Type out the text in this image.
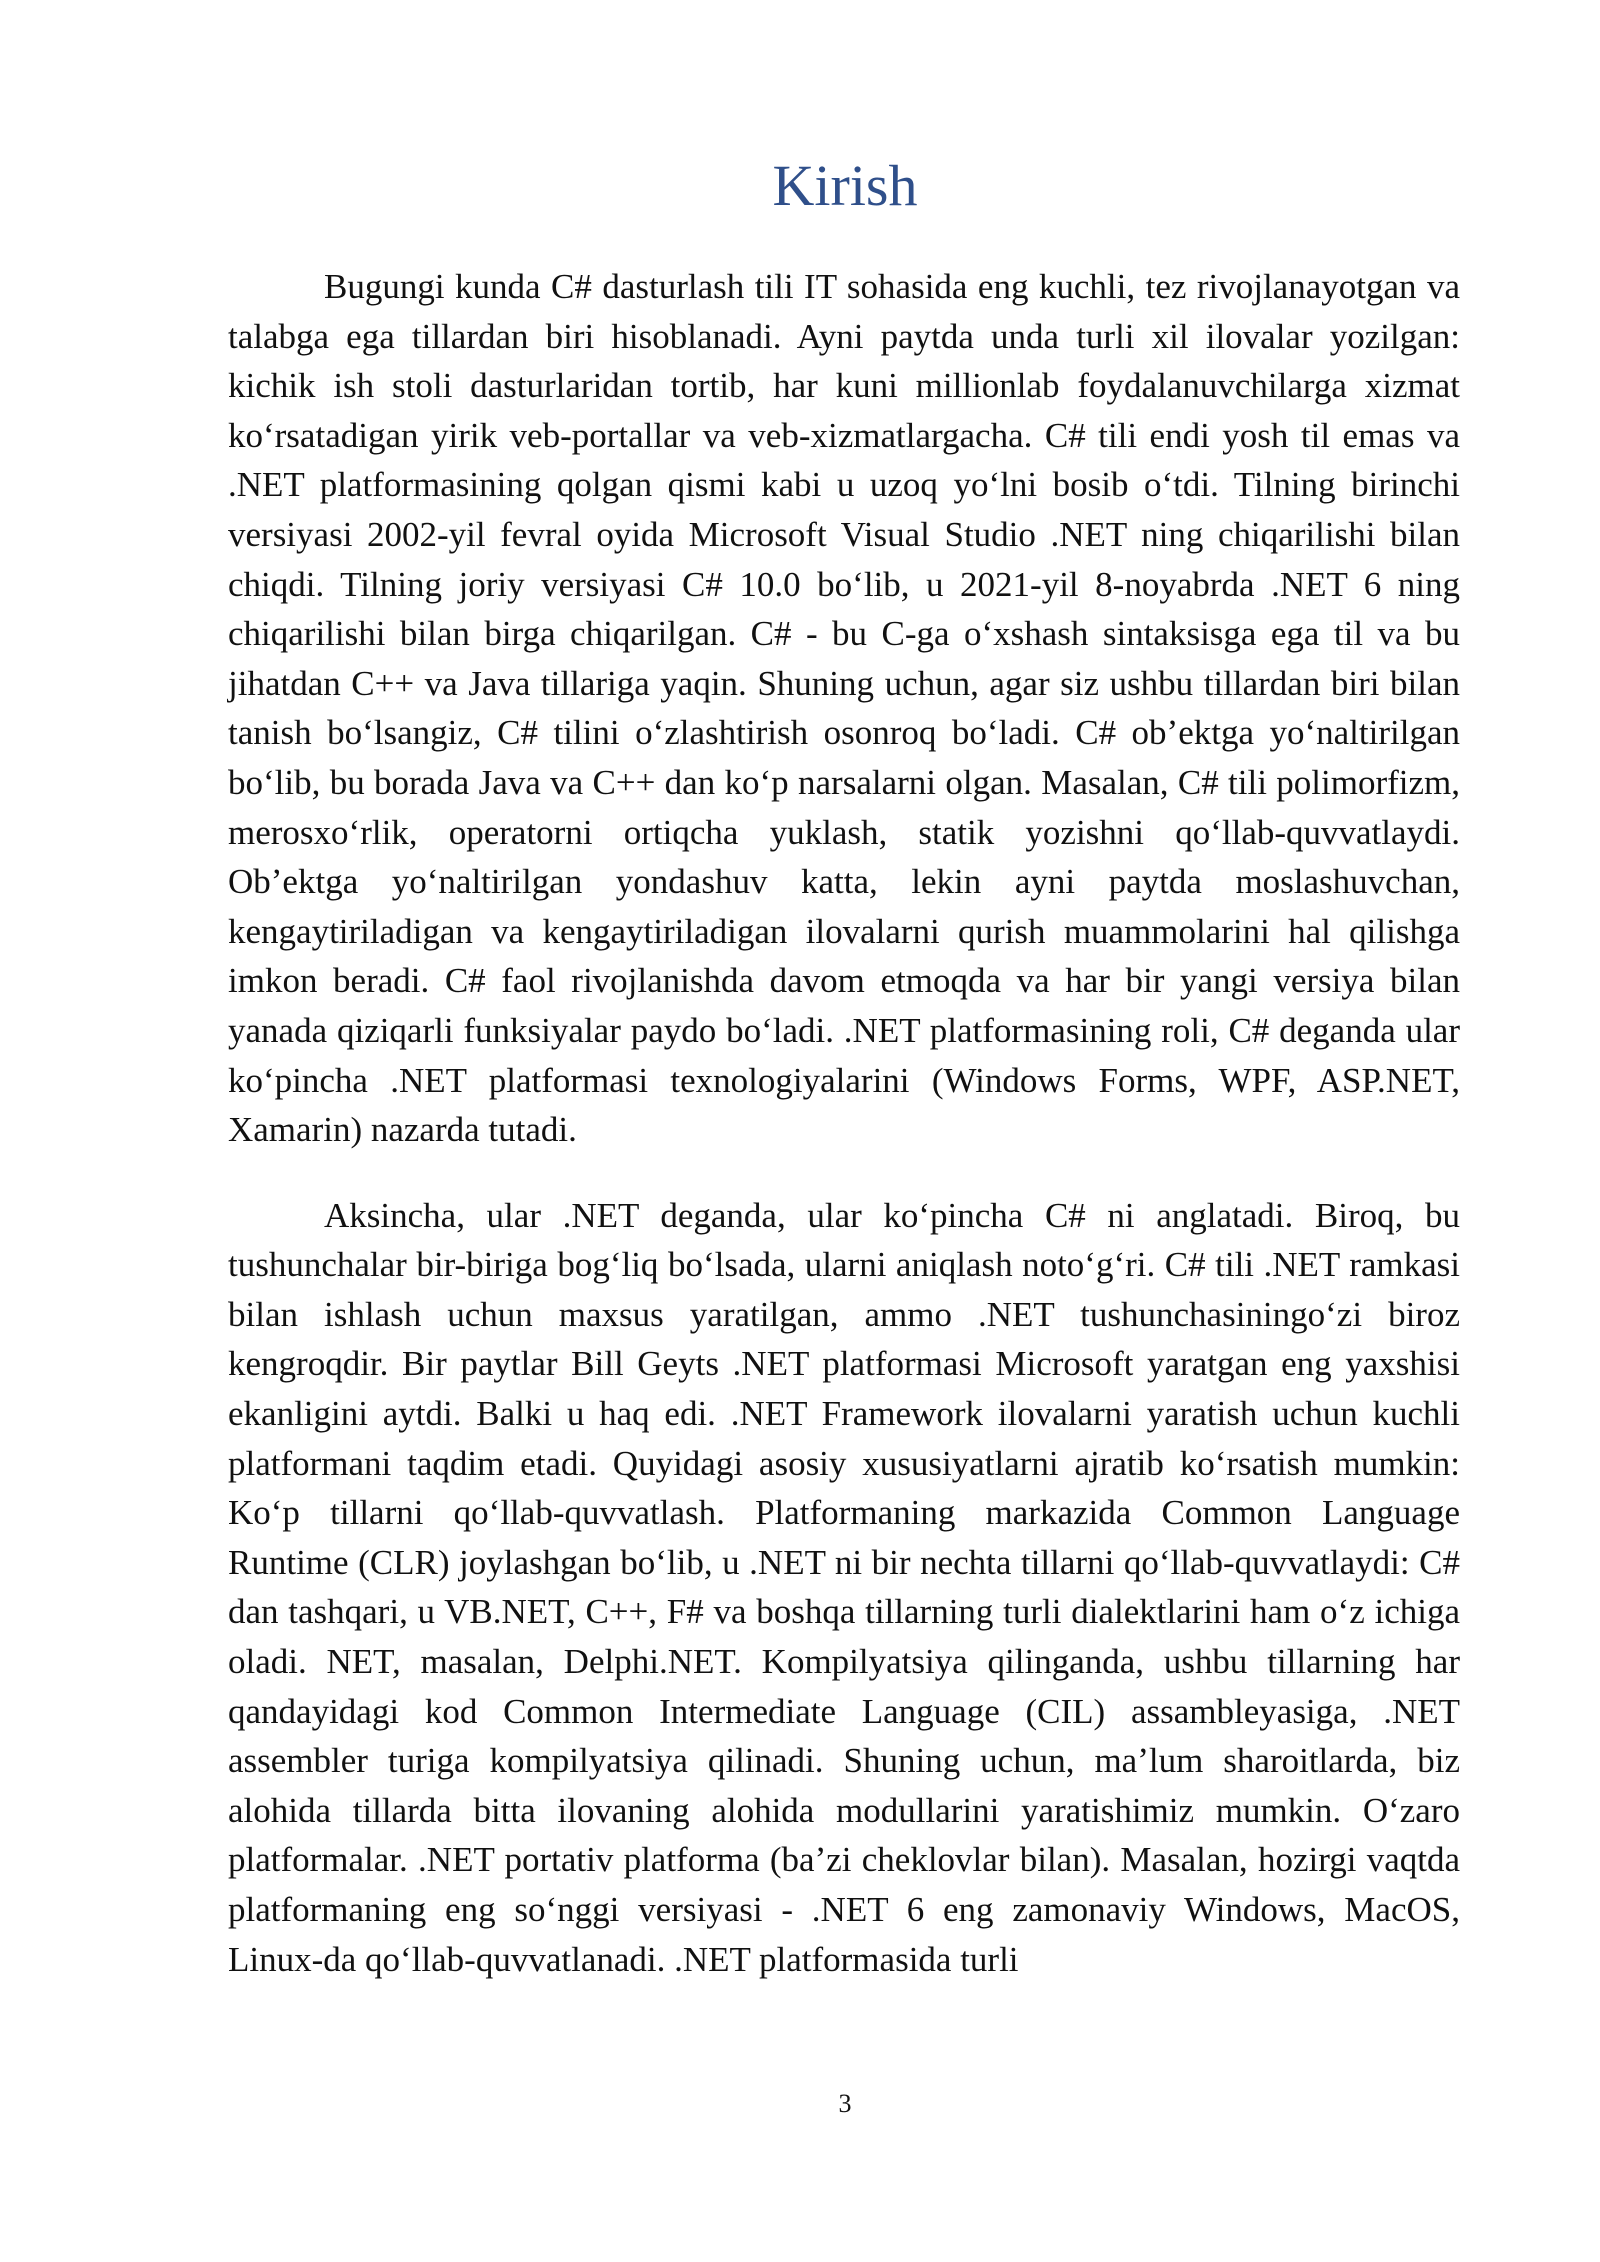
Kirish

Bugungi kunda C# dasturlash tili IT sohasida eng kuchli, tez rivojlanayotgan va talabga ega tillardan biri hisoblanadi. Ayni paytda unda turli xil ilovalar yozilgan: kichik ish stoli dasturlaridan tortib, har kuni millionlab foydalanuvchilarga xizmat koʻrsatadigan yirik veb-portallar va veb-xizmatlargacha. C# tili endi yosh til emas va .NET platformasining qolgan qismi kabi u uzoq yoʻlni bosib oʻtdi. Tilning birinchi versiyasi 2002-yil fevral oyida Microsoft Visual Studio .NET ning chiqarilishi bilan chiqdi. Tilning joriy versiyasi C# 10.0 boʻlib, u 2021-yil 8-noyabrda .NET 6 ning chiqarilishi bilan birga chiqarilgan. C# - bu C-ga oʻxshash sintaksisga ega til va bu jihatdan C++ va Java tillariga yaqin. Shuning uchun, agar siz ushbu tillardan biri bilan tanish boʻlsangiz, C# tilini oʻzlashtirish osonroq boʻladi. C# obʼektga yoʻnaltirilgan boʻlib, bu borada Java va C++ dan koʻp narsalarni olgan. Masalan, C# tili polimorfizm, merosxoʻrlik, operatorni ortiqcha yuklash, statik yozishni qoʻllab-quvvatlaydi. Obʼektga yoʻnaltirilgan yondashuv katta, lekin ayni paytda moslashuvchan, kengaytiriladigan va kengaytiriladigan ilovalarni qurish muammolarini hal qilishga imkon beradi. C# faol rivojlanishda davom etmoqda va har bir yangi versiya bilan yanada qiziqarli funksiyalar paydo boʻladi. .NET platformasining roli, C# deganda ular koʻpincha .NET platformasi texnologiyalarini (Windows Forms, WPF, ASP.NET, Xamarin) nazarda tutadi.

Aksincha, ular .NET deganda, ular koʻpincha C# ni anglatadi. Biroq, bu tushunchalar bir-biriga bogʻliq boʻlsada, ularni aniqlash notoʻgʻri. C# tili .NET ramkasi bilan ishlash uchun maxsus yaratilgan, ammo .NET tushunchasiningoʻzi biroz kengroqdir. Bir paytlar Bill Geyts .NET platformasi Microsoft yaratgan eng yaxshisi ekanligini aytdi. Balki u haq edi. .NET Framework ilovalarni yaratish uchun kuchli platformani taqdim etadi. Quyidagi asosiy xususiyatlarni ajratib koʻrsatish mumkin: Koʻp tillarni qoʻllab-quvvatlash. Platformaning markazida Common Language Runtime (CLR) joylashgan boʻlib, u .NET ni bir nechta tillarni qoʻllab-quvvatlaydi: C# dan tashqari, u VB.NET, C++, F# va boshqa tillarning turli dialektlarini ham oʻz ichiga oladi. NET, masalan, Delphi.NET. Kompilyatsiya qilinganda, ushbu tillarning har qandayidagi kod Common Intermediate Language (CIL) assambleyasiga, .NET assembler turiga kompilyatsiya qilinadi. Shuning uchun, maʼlum sharoitlarda, biz alohida tillarda bitta ilovaning alohida modullarini yaratishimiz mumkin. Oʻzaro platformalar. .NET portativ platforma (baʼzi cheklovlar bilan). Masalan, hozirgi vaqtda platformaning eng soʻnggi versiyasi - .NET 6 eng zamonaviy Windows, MacOS, Linux-da qoʻllab-quvvatlanadi. .NET platformasida turli

3
